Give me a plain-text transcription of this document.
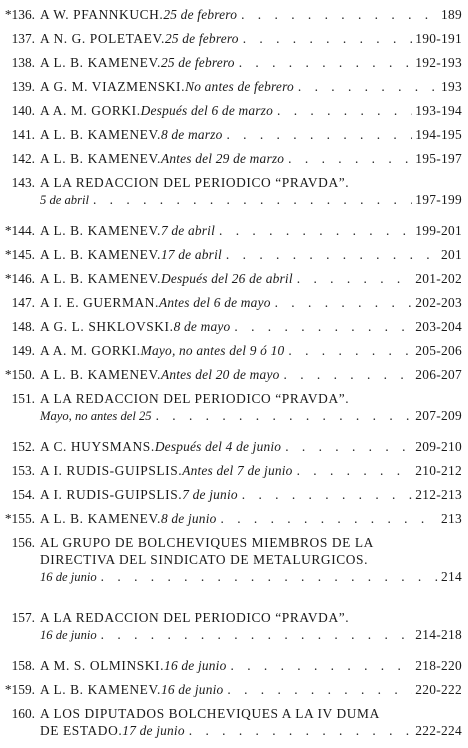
*136. A W. PFANNKUCH. 25 de febrero . . .	189
137. A N. G. POLETAEV. 25 de febrero . . .	190-191
138. A L. B. KAMENEV. 25 de febrero . . .	192-193
139. A G. M. VIAZMENSKI. No antes de febrero . . .	193
140. A A. M. GORKI. Después del 6 de marzo . . .	193-194
141. A L. B. KAMENEV. 8 de marzo . . .	194-195
142. A L. B. KAMENEV. Antes del 29 de marzo . . .	195-197
143. A LA REDACCION DEL PERIODICO “PRAVDA”.
5 de abril . . .	197-199
*144. A L. B. KAMENEV. 7 de abril . . .	199-201
*145. A L. B. KAMENEV. 17 de abril . . .	201
*146. A L. B. KAMENEV. Después del 26 de abril . . .	201-202
147. A I. E. GUERMAN. Antes del 6 de mayo . . .	202-203
148. A G. L. SHKLOVSKI. 8 de mayo . . .	203-204
149. A A. M. GORKI. Mayo, no antes del 9 ó 10 . . .	205-206
*150. A L. B. KAMENEV. Antes del 20 de mayo . . .	206-207
151. A LA REDACCION DEL PERIODICO “PRAVDA”.
Mayo, no antes del 25 . . .	207-209
152. A C. HUYSMANS. Después del 4 de junio . . .	209-210
153. A I. RUDIS-GUIPSLIS. Antes del 7 de junio . . .	210-212
154. A I. RUDIS-GUIPSLIS. 7 de junio . . .	212-213
*155. A L. B. KAMENEV. 8 de junio . . .	213
156. AL GRUPO DE BOLCHEVIQUES MIEMBROS DE LA
DIRECTIVA DEL SINDICATO DE METALURGICOS.
16 de junio . . .	214
157. A LA REDACCION DEL PERIODICO “PRAVDA”.
16 de junio . . .	214-218
158. A M. S. OLMINSKI. 16 de junio . . .	218-220
*159. A L. B. KAMENEV. 16 de junio . . .	220-222
160. A LOS DIPUTADOS BOLCHEVIQUES A LA IV DUMA
DE ESTADO. 17 de junio . . .	222-224
